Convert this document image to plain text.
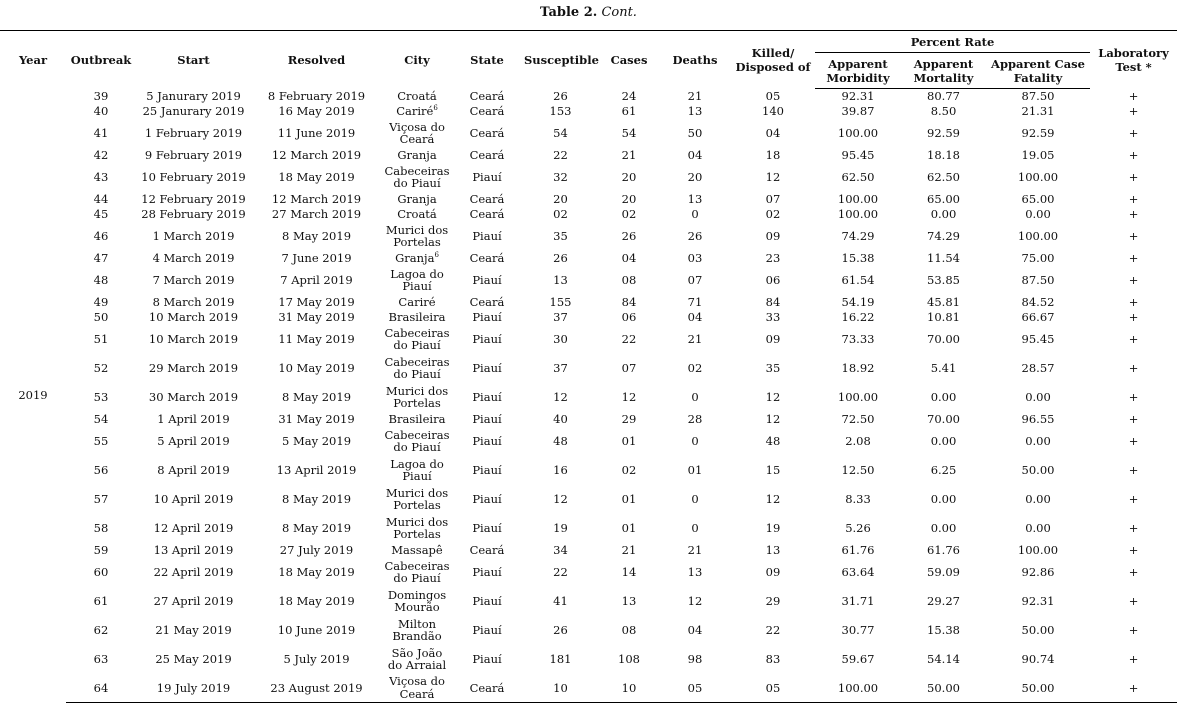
Table 2. Cont.
Year	Outbreak	Start	Resolved	City	State	Susceptible	Cases	Deaths	Killed/ Disposed of	Percent Rate			Laboratory Test *
										Apparent Morbidity	Apparent Mortality	Apparent Case Fatality	
2019	39	5 Janurary 2019	8 February 2019	Croatá	Ceará	26	24	21	05	92.31	80.77	87.50	+
	40	25 Janurary 2019	16 May 2019	Cariré$^6$	Ceará	153	61	13	140	39.87	8.50	21.31	+
	41	1 February 2019	11 June 2019	Viçosa do Ceará	Ceará	54	54	50	04	100.00	92.59	92.59	+
	42	9 February 2019	12 March 2019	Granja	Ceará	22	21	04	18	95.45	18.18	19.05	+
	43	10 February 2019	18 May 2019	Cabeceiras do Piauí	Piauí	32	20	20	12	62.50	62.50	100.00	+
	44	12 February 2019	12 March 2019	Granja	Ceará	20	20	13	07	100.00	65.00	65.00	+
	45	28 February 2019	27 March 2019	Croatá	Ceará	02	02	0	02	100.00	0.00	0.00	+
	46	1 March 2019	8 May 2019	Murici dos Portelas	Piauí	35	26	26	09	74.29	74.29	100.00	+
	47	4 March 2019	7 June 2019	Granja$^6$	Ceará	26	04	03	23	15.38	11.54	75.00	+
	48	7 March 2019	7 April 2019	Lagoa do Piauí	Piauí	13	08	07	06	61.54	53.85	87.50	+
	49	8 March 2019	17 May 2019	Cariré	Ceará	155	84	71	84	54.19	45.81	84.52	+
	50	10 March 2019	31 May 2019	Brasileira	Piauí	37	06	04	33	16.22	10.81	66.67	+
	51	10 March 2019	11 May 2019	Cabeceiras do Piauí	Piauí	30	22	21	09	73.33	70.00	95.45	+
	52	29 March 2019	10 May 2019	Cabeceiras do Piauí	Piauí	37	07	02	35	18.92	5.41	28.57	+
	53	30 March 2019	8 May 2019	Murici dos Portelas	Piauí	12	12	0	12	100.00	0.00	0.00	+
	54	1 April 2019	31 May 2019	Brasileira	Piauí	40	29	28	12	72.50	70.00	96.55	+
	55	5 April 2019	5 May 2019	Cabeceiras do Piauí	Piauí	48	01	0	48	2.08	0.00	0.00	+
	56	8 April 2019	13 April 2019	Lagoa do Piauí	Piauí	16	02	01	15	12.50	6.25	50.00	+
	57	10 April 2019	8 May 2019	Murici dos Portelas	Piauí	12	01	0	12	8.33	0.00	0.00	+
	58	12 April 2019	8 May 2019	Murici dos Portelas	Piauí	19	01	0	19	5.26	0.00	0.00	+
	59	13 April 2019	27 July 2019	Massapê	Ceará	34	21	21	13	61.76	61.76	100.00	+
	60	22 April 2019	18 May 2019	Cabeceiras do Piauí	Piauí	22	14	13	09	63.64	59.09	92.86	+
	61	27 April 2019	18 May 2019	Domingos Mourão	Piauí	41	13	12	29	31.71	29.27	92.31	+
	62	21 May 2019	10 June 2019	Milton Brandão	Piauí	26	08	04	22	30.77	15.38	50.00	+
	63	25 May 2019	5 July 2019	São João do Arraial	Piauí	181	108	98	83	59.67	54.14	90.74	+
	64	19 July 2019	23 August 2019	Viçosa do Ceará	Ceará	10	10	05	05	100.00	50.00	50.00	+
